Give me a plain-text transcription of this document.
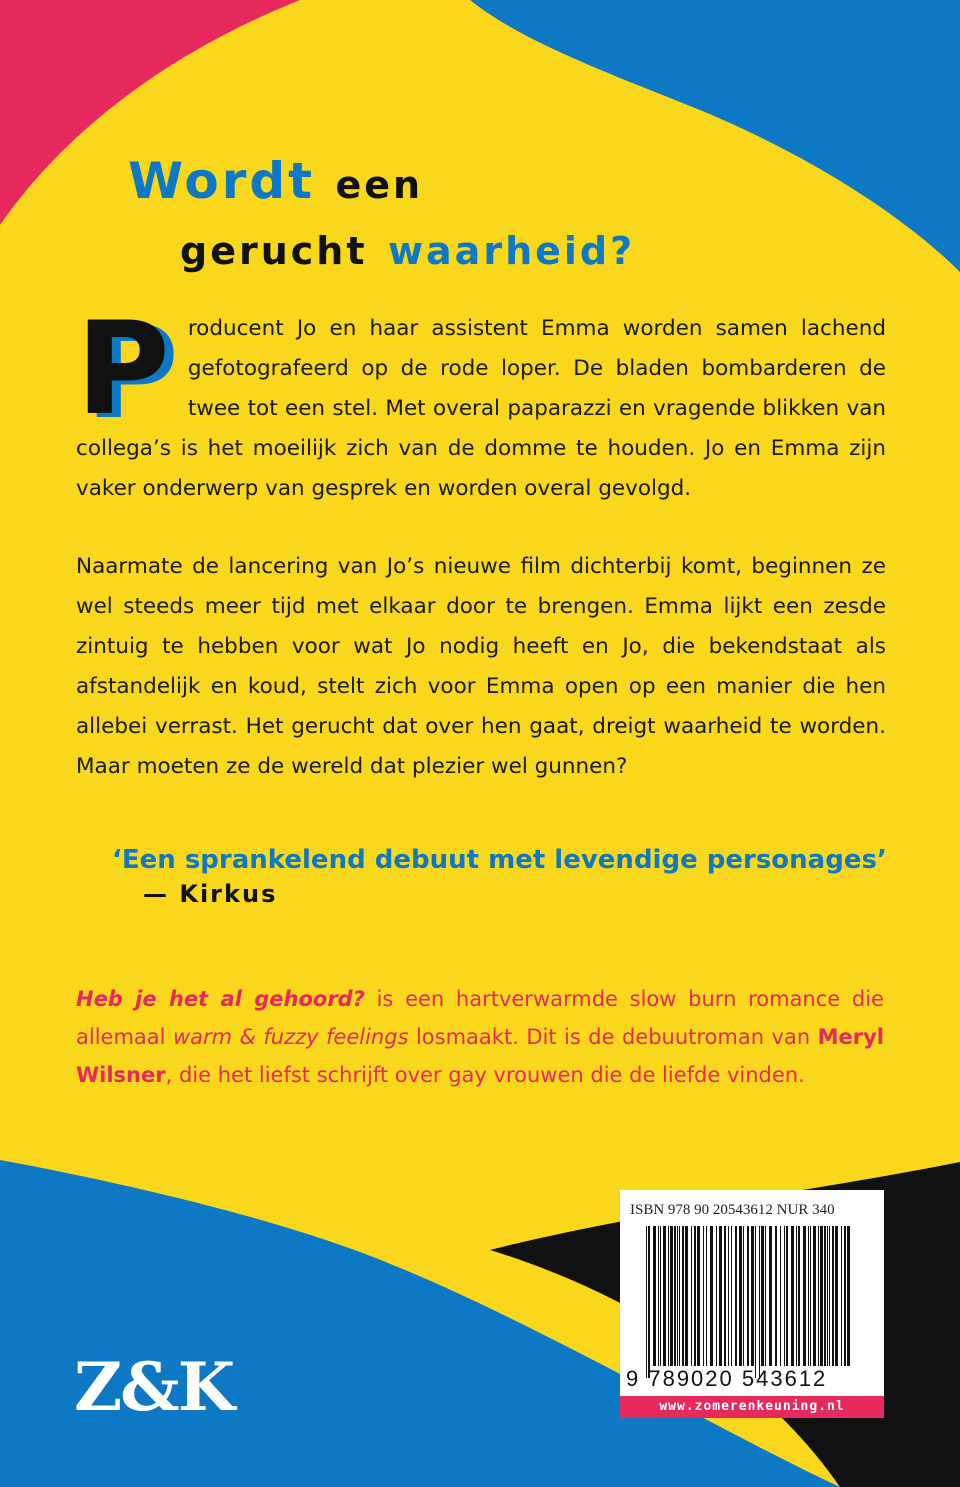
Wordt een
gerucht waarheid?
Producent Jo en haar assistent Emma worden samen lachend gefotografeerd op de rode loper. De bladen bombarderen de twee tot een stel. Met overal paparazzi en vragende blikken van collega’s is het moeilijk zich van de domme te houden. Jo en Emma zijn vaker onderwerp van gesprek en worden overal gevolgd.
Naarmate de lancering van Jo’s nieuwe film dichterbij komt, beginnen ze wel steeds meer tijd met elkaar door te brengen. Emma lijkt een zesde zintuig te hebben voor wat Jo nodig heeft en Jo, die bekendstaat als afstandelijk en koud, stelt zich voor Emma open op een manier die hen allebei verrast. Het gerucht dat over hen gaat, dreigt waarheid te worden. Maar moeten ze de wereld dat plezier wel gunnen?
‘Een sprankelend debuut met levendige personages’
— Kirkus
Heb je het al gehoord? is een hartverwarmde slow burn romance die allemaal warm & fuzzy feelings losmaakt. Dit is de debuutroman van Meryl Wilsner, die het liefst schrijft over gay vrouwen die de liefde vinden.
Z&K
ISBN 978 90 20543612 NUR 340
9 789020 543612
www.zomerenkeuning.nl
